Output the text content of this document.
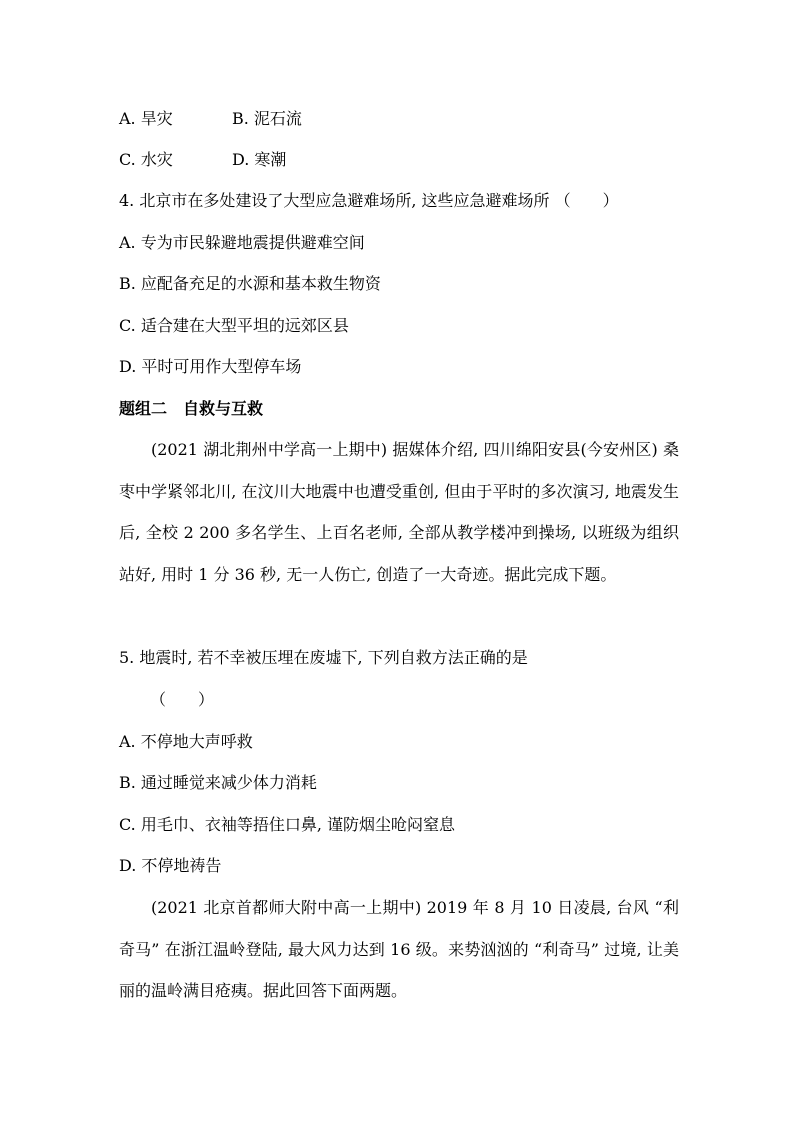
A. 旱灾	B. 泥石流
C. 水灾	D. 寒潮
4. 北京市在多处建设了大型应急避难场所, 这些应急避难场所 （　　）
A. 专为市民躲避地震提供避难空间
B. 应配备充足的水源和基本救生物资
C. 适合建在大型平坦的远郊区县
D. 平时可用作大型停车场
题组二　自救与互救
(2021 湖北荆州中学高一上期中) 据媒体介绍, 四川绵阳安县(今安州区) 桑枣中学紧邻北川, 在汶川大地震中也遭受重创, 但由于平时的多次演习, 地震发生后, 全校 2 200 多名学生、上百名老师, 全部从教学楼冲到操场, 以班级为组织站好, 用时 1 分 36 秒, 无一人伤亡, 创造了一大奇迹。据此完成下题。
5. 地震时, 若不幸被压埋在废墟下, 下列自救方法正确的是
（　　）
A. 不停地大声呼救
B. 通过睡觉来减少体力消耗
C. 用毛巾、衣袖等捂住口鼻, 谨防烟尘呛闷窒息
D. 不停地祷告
(2021 北京首都师大附中高一上期中) 2019 年 8 月 10 日凌晨, 台风 “利奇马” 在浙江温岭登陆, 最大风力达到 16 级。来势汹汹的 “利奇马” 过境, 让美丽的温岭满目疮痍。据此回答下面两题。
